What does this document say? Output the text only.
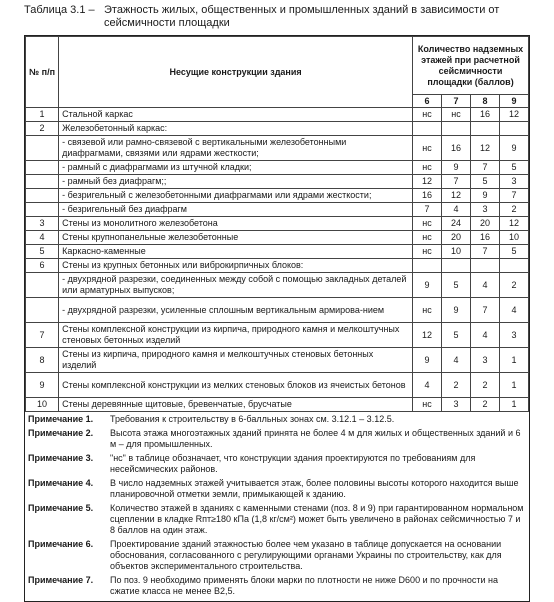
Таблица 3.1 – Этажность жилых, общественных и промышленных зданий в зависимости от сейсмичности площадки
№ п/п	Несущие конструкции здания	Количество надземных этажей при расчетной сейсмичности площадки (баллов)			
		6	7	8	9
1	Стальной каркас	нс	нс	16	12
2	Железобетонный каркас:				
	- связевой или рамно-связевой с вертикальными железобетонными диафрагмами, связями или ядрами жесткости;	нс	16	12	9
	- рамный с диафрагмами из штучной кладки;	нс	9	7	5
	- рамный без диафрагм;;	12	7	5	3
	- безригельный с железобетонными диафрагмами или ядрами жесткости;	16	12	9	7
	- безригельный без диафрагм	7	4	3	2
3	Стены из монолитного железобетона	нс	24	20	12
4	Стены крупнопанельные железобетонные	нс	20	16	10
5	Каркасно-каменные	нс	10	7	5
6	Стены из крупных бетонных или виброкирпичных блоков:				
	- двухрядной разрезки, соединенных между собой с помощью закладных деталей или арматурных выпусков;	9	5	4	2
	- двухрядной разрезки, усиленные сплошным вертикальным армирова-нием	нс	9	7	4
7	Стены комплексной конструкции из кирпича, природного камня и мелкоштучных стеновых бетонных изделий	12	5	4	3
8	Стены из кирпича, природного камня и мелкоштучных стеновых бетонных изделий	9	4	3	1
9	Стены комплексной конструкции из мелких стеновых блоков из ячеистых бетонов	4	2	2	1
10	Стены деревянные щитовые, бревенчатые, брусчатые	нс	3	2	1
Примечание 1.	Требования к строительству в 6-балльных зонах см. 3.12.1 – 3.12.5.
Примечание 2.	Высота этажа многоэтажных зданий принята не более 4 м для жилых и общественных зданий и 6 м – для промышленных.
Примечание 3.	"нс" в таблице обозначает, что конструкции здания проектируются по требованиям для несейсмических районов.
Примечание 4.	В число надземных этажей учитывается этаж, более половины высоты которого находится выше планировочной отметки земли, примыкающей к зданию.
Примечание 5.	Количество этажей в зданиях с каменными стенами (поз. 8 и 9) при гарантированном нормальном сцеплении в кладке Rпт≥180 кПа (1,8 кг/см²) может быть увеличено в районах сейсмичностью 7 и 8 баллов на один этаж.
Примечание 6.	Проектирование зданий этажностью более чем указано в таблице допускается на основании обоснования, согласованного с регулирующими органами Украины по строительству, как для объектов экспериментального строительства.
Примечание 7.	По поз. 9 необходимо применять блоки марки по плотности не ниже D600 и по прочности на сжатие класса не менее В2,5.
